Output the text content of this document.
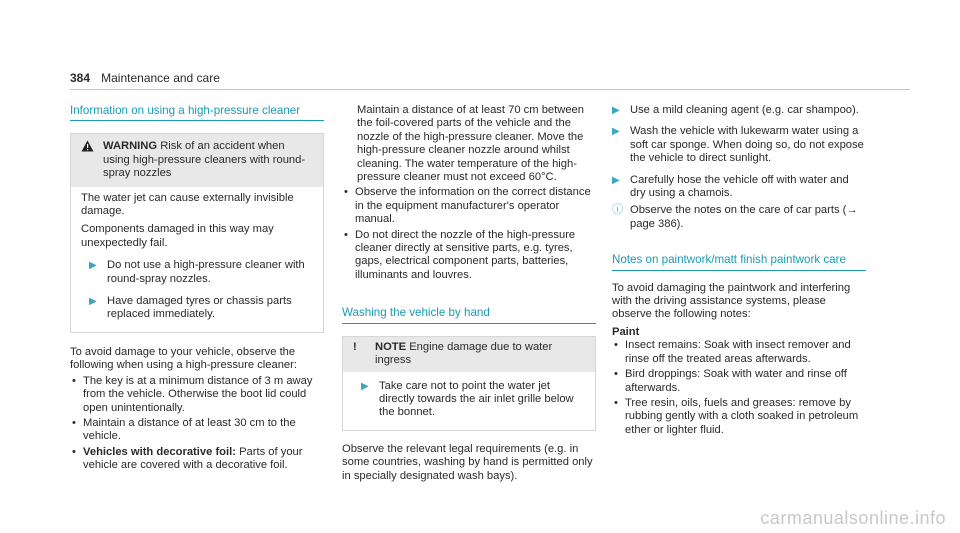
384 Maintenance and care
Information on using a high-pressure cleaner
WARNING Risk of an accident when using high-pressure cleaners with round-spray nozzles

The water jet can cause externally invisible damage.

Components damaged in this way may unexpectedly fail.

▶ Do not use a high-pressure cleaner with round-spray nozzles.
▶ Have damaged tyres or chassis parts replaced immediately.

To avoid damage to your vehicle, observe the following when using a high-pressure cleaner:

• The key is at a minimum distance of 3 m away from the vehicle. Otherwise the boot lid could open unintentionally.
• Maintain a distance of at least 30 cm to the vehicle.
• Vehicles with decorative foil: Parts of your vehicle are covered with a decorative foil.

Maintain a distance of at least 70 cm between the foil-covered parts of the vehicle and the nozzle of the high-pressure cleaner. Move the high-pressure cleaner nozzle around whilst cleaning. The water temperature of the high-pressure cleaner must not exceed 60°C.

• Observe the information on the correct distance in the equipment manufacturer's operator manual.
• Do not direct the nozzle of the high-pressure cleaner directly at sensitive parts, e.g. tyres, gaps, electrical component parts, batteries, illuminants and louvres.
Washing the vehicle by hand
!	NOTE Engine damage due to water ingress
▶ Take care not to point the water jet directly towards the air inlet grille below the bonnet.

Observe the relevant legal requirements (e.g. in some countries, washing by hand is permitted only in specially designated wash bays).

▶ Use a mild cleaning agent (e.g. car shampoo).
▶ Wash the vehicle with lukewarm water using a soft car sponge. When doing so, do not expose the vehicle to direct sunlight.
▶ Carefully hose the vehicle off with water and dry using a chamois.
ⓘ Observe the notes on the care of car parts (→ page 386).
Notes on paintwork/matt finish paintwork care

To avoid damaging the paintwork and interfering with the driving assistance systems, please observe the following notes:

Paint

• Insect remains: Soak with insect remover and rinse off the treated areas afterwards.
• Bird droppings: Soak with water and rinse off afterwards.
• Tree resin, oils, fuels and greases: remove by rubbing gently with a cloth soaked in petroleum ether or lighter fluid.
carmanualsonline.info
